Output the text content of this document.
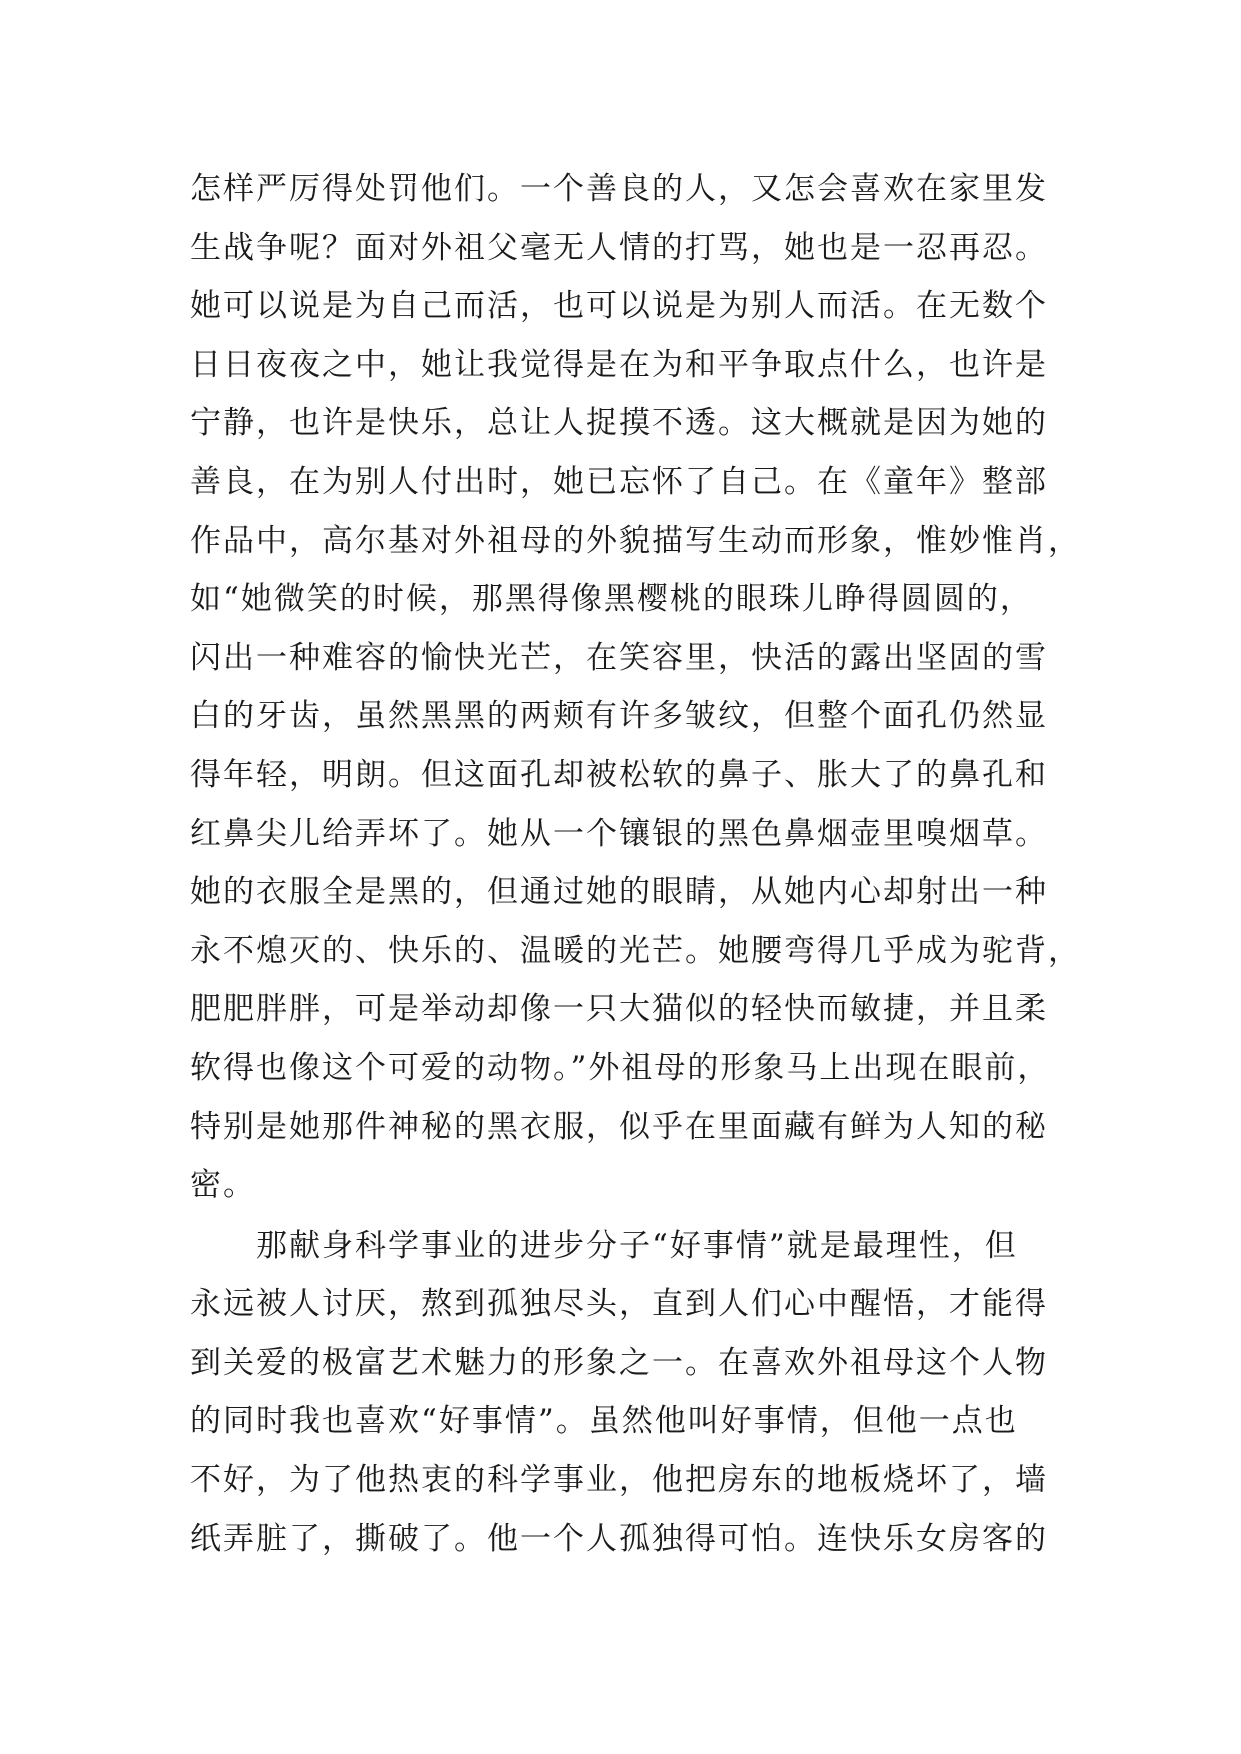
怎样严厉得处罚他们。一个善良的人，又怎会喜欢在家里发
生战争呢？面对外祖父毫无人情的打骂，她也是一忍再忍。
她可以说是为自己而活，也可以说是为别人而活。在无数个
日日夜夜之中，她让我觉得是在为和平争取点什么，也许是
宁静，也许是快乐，总让人捉摸不透。这大概就是因为她的
善良，在为别人付出时，她已忘怀了自己。在《童年》整部
作品中，高尔基对外祖母的外貌描写生动而形象，惟妙惟肖，
如“她微笑的时候，那黑得像黑樱桃的眼珠儿睁得圆圆的，
闪出一种难容的愉快光芒，在笑容里，快活的露出坚固的雪
白的牙齿，虽然黑黑的两颊有许多皱纹，但整个面孔仍然显
得年轻，明朗。但这面孔却被松软的鼻子、胀大了的鼻孔和
红鼻尖儿给弄坏了。她从一个镶银的黑色鼻烟壶里嗅烟草。
她的衣服全是黑的，但通过她的眼睛，从她内心却射出一种
永不熄灭的、快乐的、温暖的光芒。她腰弯得几乎成为驼背，
肥肥胖胖，可是举动却像一只大猫似的轻快而敏捷，并且柔
软得也像这个可爱的动物。”外祖母的形象马上出现在眼前，
特别是她那件神秘的黑衣服，似乎在里面藏有鲜为人知的秘
密。
　　那献身科学事业的进步分子“好事情”就是最理性，但
永远被人讨厌，熬到孤独尽头，直到人们心中醒悟，才能得
到关爱的极富艺术魅力的形象之一。在喜欢外祖母这个人物
的同时我也喜欢“好事情”。虽然他叫好事情，但他一点也
不好，为了他热衷的科学事业，他把房东的地板烧坏了，墙
纸弄脏了，撕破了。他一个人孤独得可怕。连快乐女房客的
